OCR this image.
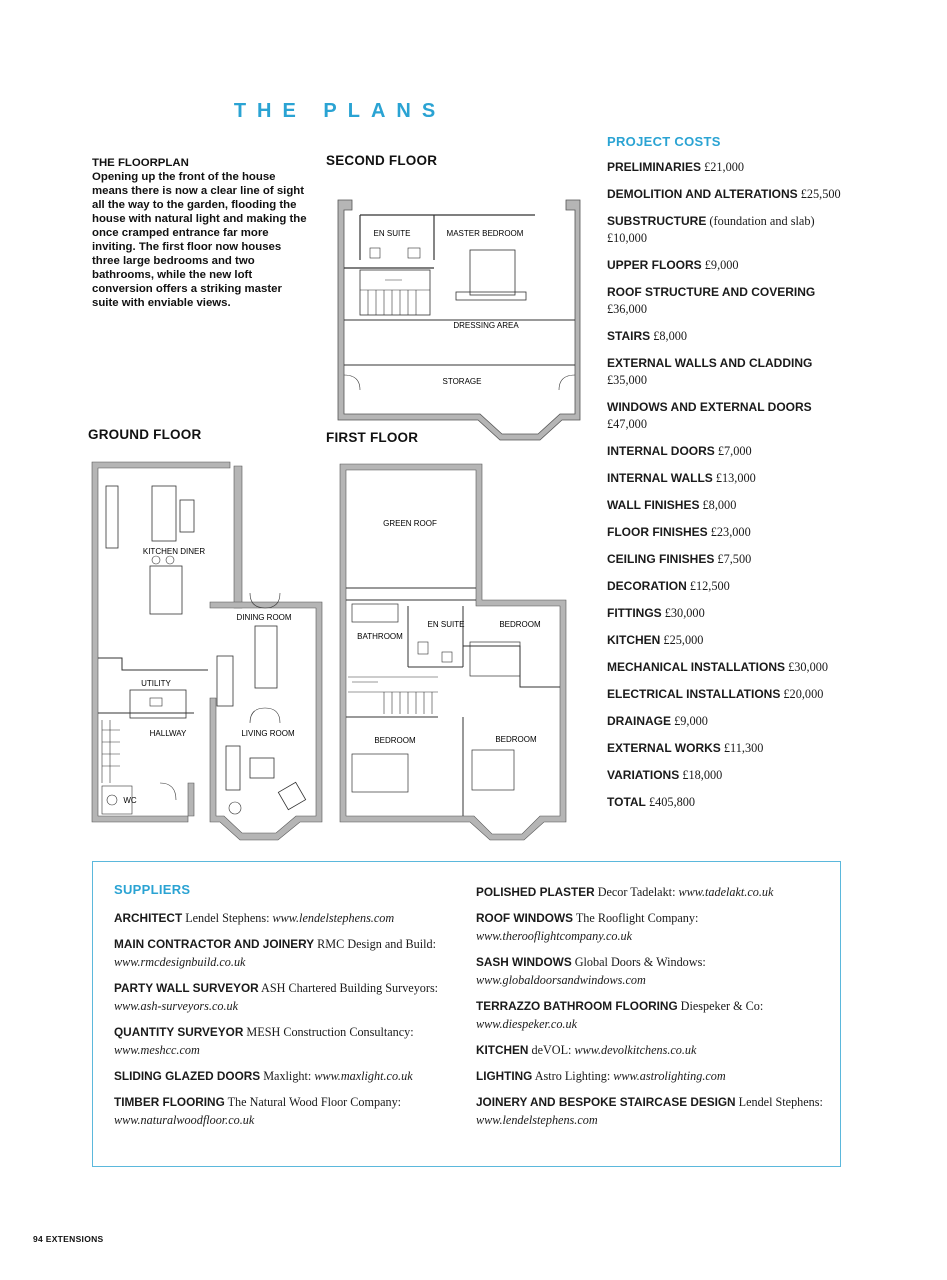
THE PLANS
THE FLOORPLAN
Opening up the front of the house means there is now a clear line of sight all the way to the garden, flooding the house with natural light and making the once cramped entrance far more inviting. The first floor now houses three large bedrooms and two bathrooms, while the new loft conversion offers a striking master suite with enviable views.
SECOND FLOOR
GROUND FLOOR	FIRST FLOOR
EN SUITE	MASTER BEDROOM
DRESSING AREA
STORAGE
KITCHEN DINER
DINING ROOM
UTILITY
HALLWAY	LIVING ROOM
WC
GREEN ROOF
BATHROOM
EN SUITE	BEDROOM
BEDROOM	BEDROOM
PROJECT COSTS
PRELIMINARIES £21,000
DEMOLITION AND ALTERATIONS £25,500
SUBSTRUCTURE (foundation and slab) £10,000
UPPER FLOORS £9,000
ROOF STRUCTURE AND COVERING £36,000
STAIRS £8,000
EXTERNAL WALLS AND CLADDING £35,000
WINDOWS AND EXTERNAL DOORS £47,000
INTERNAL DOORS £7,000
INTERNAL WALLS £13,000
WALL FINISHES £8,000
FLOOR FINISHES £23,000
CEILING FINISHES £7,500
DECORATION £12,500
FITTINGS £30,000
KITCHEN £25,000
MECHANICAL INSTALLATIONS £30,000
ELECTRICAL INSTALLATIONS £20,000
DRAINAGE £9,000
EXTERNAL WORKS £11,300
VARIATIONS £18,000
TOTAL £405,800
SUPPLIERS
ARCHITECT Lendel Stephens: www.lendelstephens.com
MAIN CONTRACTOR AND JOINERY RMC Design and Build: www.rmcdesignbuild.co.uk
PARTY WALL SURVEYOR ASH Chartered Building Surveyors: www.ash-surveyors.co.uk
QUANTITY SURVEYOR MESH Construction Consultancy: www.meshcc.com
SLIDING GLAZED DOORS Maxlight: www.maxlight.co.uk
TIMBER FLOORING The Natural Wood Floor Company: www.naturalwoodfloor.co.uk
POLISHED PLASTER Decor Tadelakt: www.tadelakt.co.uk
ROOF WINDOWS The Rooflight Company: www.therooflightcompany.co.uk
SASH WINDOWS Global Doors & Windows: www.globaldoorsandwindows.com
TERRAZZO BATHROOM FLOORING Diespeker & Co: www.diespeker.co.uk
KITCHEN deVOL: www.devolkitchens.co.uk
LIGHTING Astro Lighting: www.astrolighting.com
JOINERY AND BESPOKE STAIRCASE DESIGN Lendel Stephens: www.lendelstephens.com
94 EXTENSIONS
